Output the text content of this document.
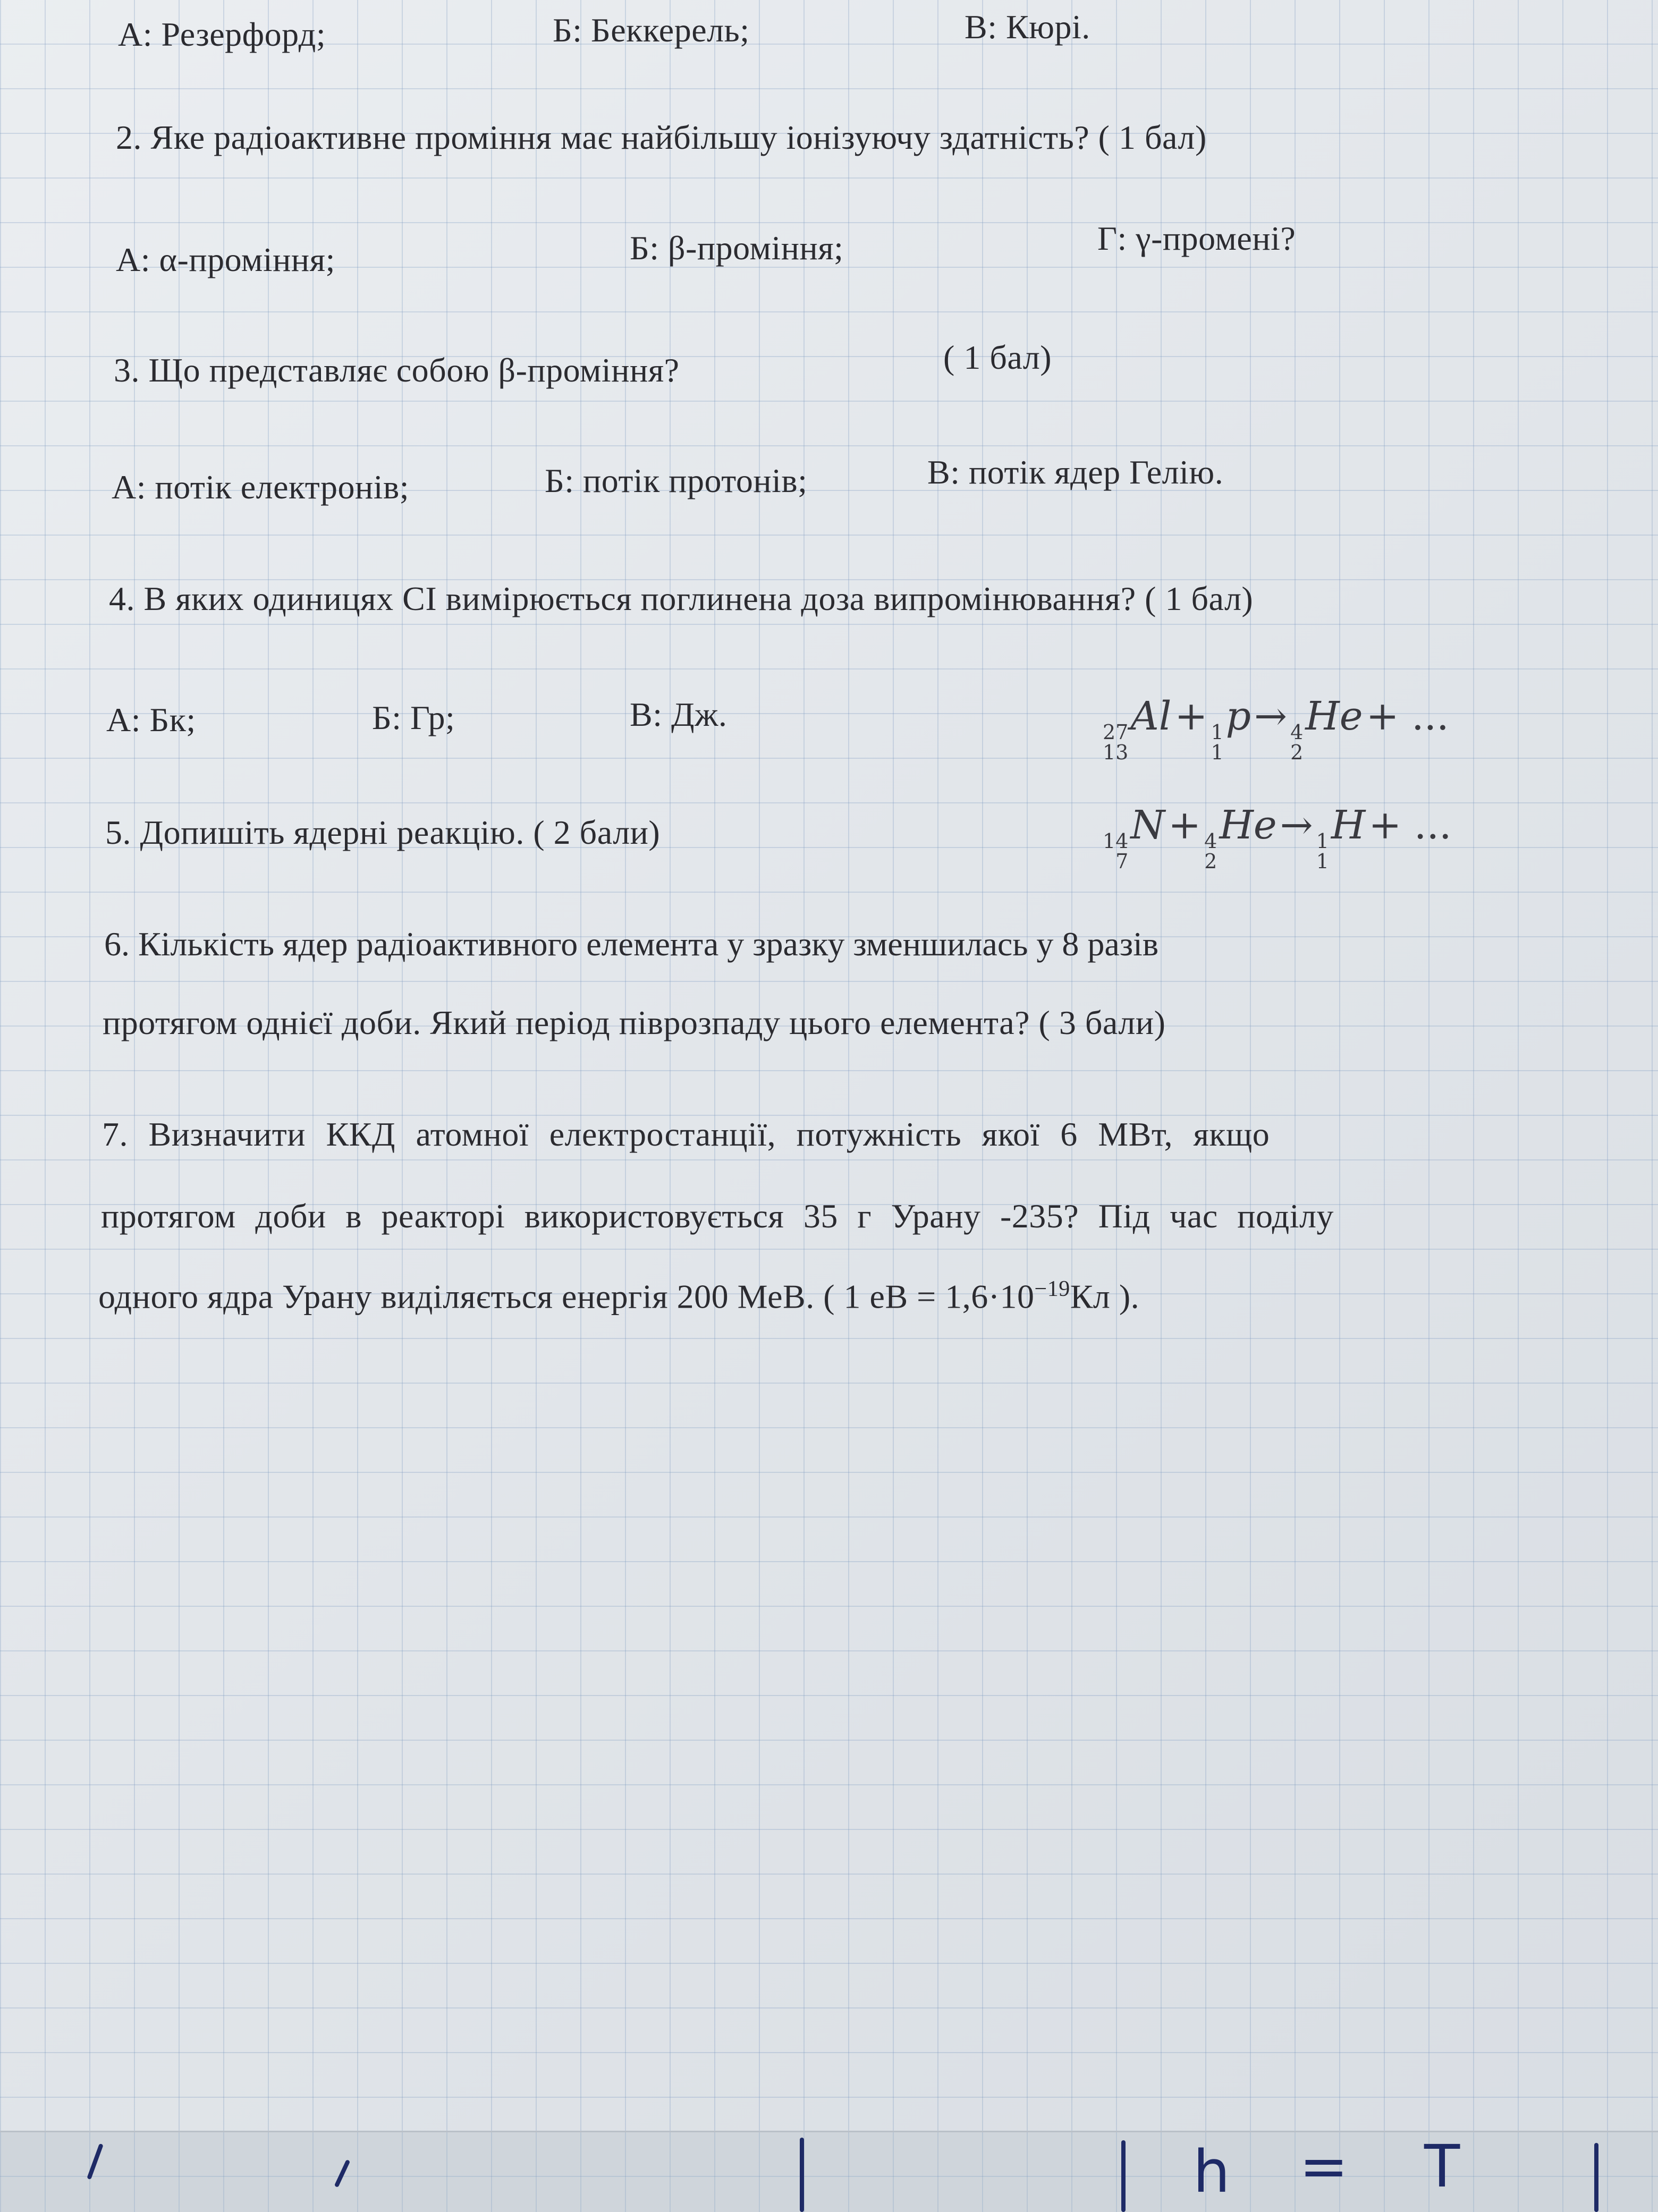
А: Резерфорд;	Б: Беккерель;	В: Кюрі.
2. Яке радіоактивне проміння має найбільшу іонізуючу здатність? ( 1 бал)
А: α-проміння;	Б: β-проміння;	Г: γ-промені?
3. Що представляє собою β-проміння?	( 1 бал)
А: потік електронів;	Б: потік протонів;	В: потік ядер Гелію.
4. В яких одиницях СІ вимірюється поглинена доза випромінювання? ( 1 бал)
А: Бк;	Б: Гр;	В: Дж.	27
13
Al+ 1
1
p→ 4
2
He+ ...
5. Допишіть ядерні реакцію. ( 2 бали)	14
7
N+ 4
2
He→ 1
1
H+ ...
6. Кількість ядер радіоактивного елемента у зразку зменшилась у 8 разів
протягом однієї доби. Який період піврозпаду цього елемента? ( 3 бали)
7. Визначити ККД атомної електростанції, потужність якої 6 МВт, якщо
протягом доби в реакторі використовується 35 г Урану -235? Під час поділу
одного ядра Урану виділяється енергія 200 МеВ. ( 1 еВ = $1,6\cdot 10^{-19}Кл$ ).
h = T
